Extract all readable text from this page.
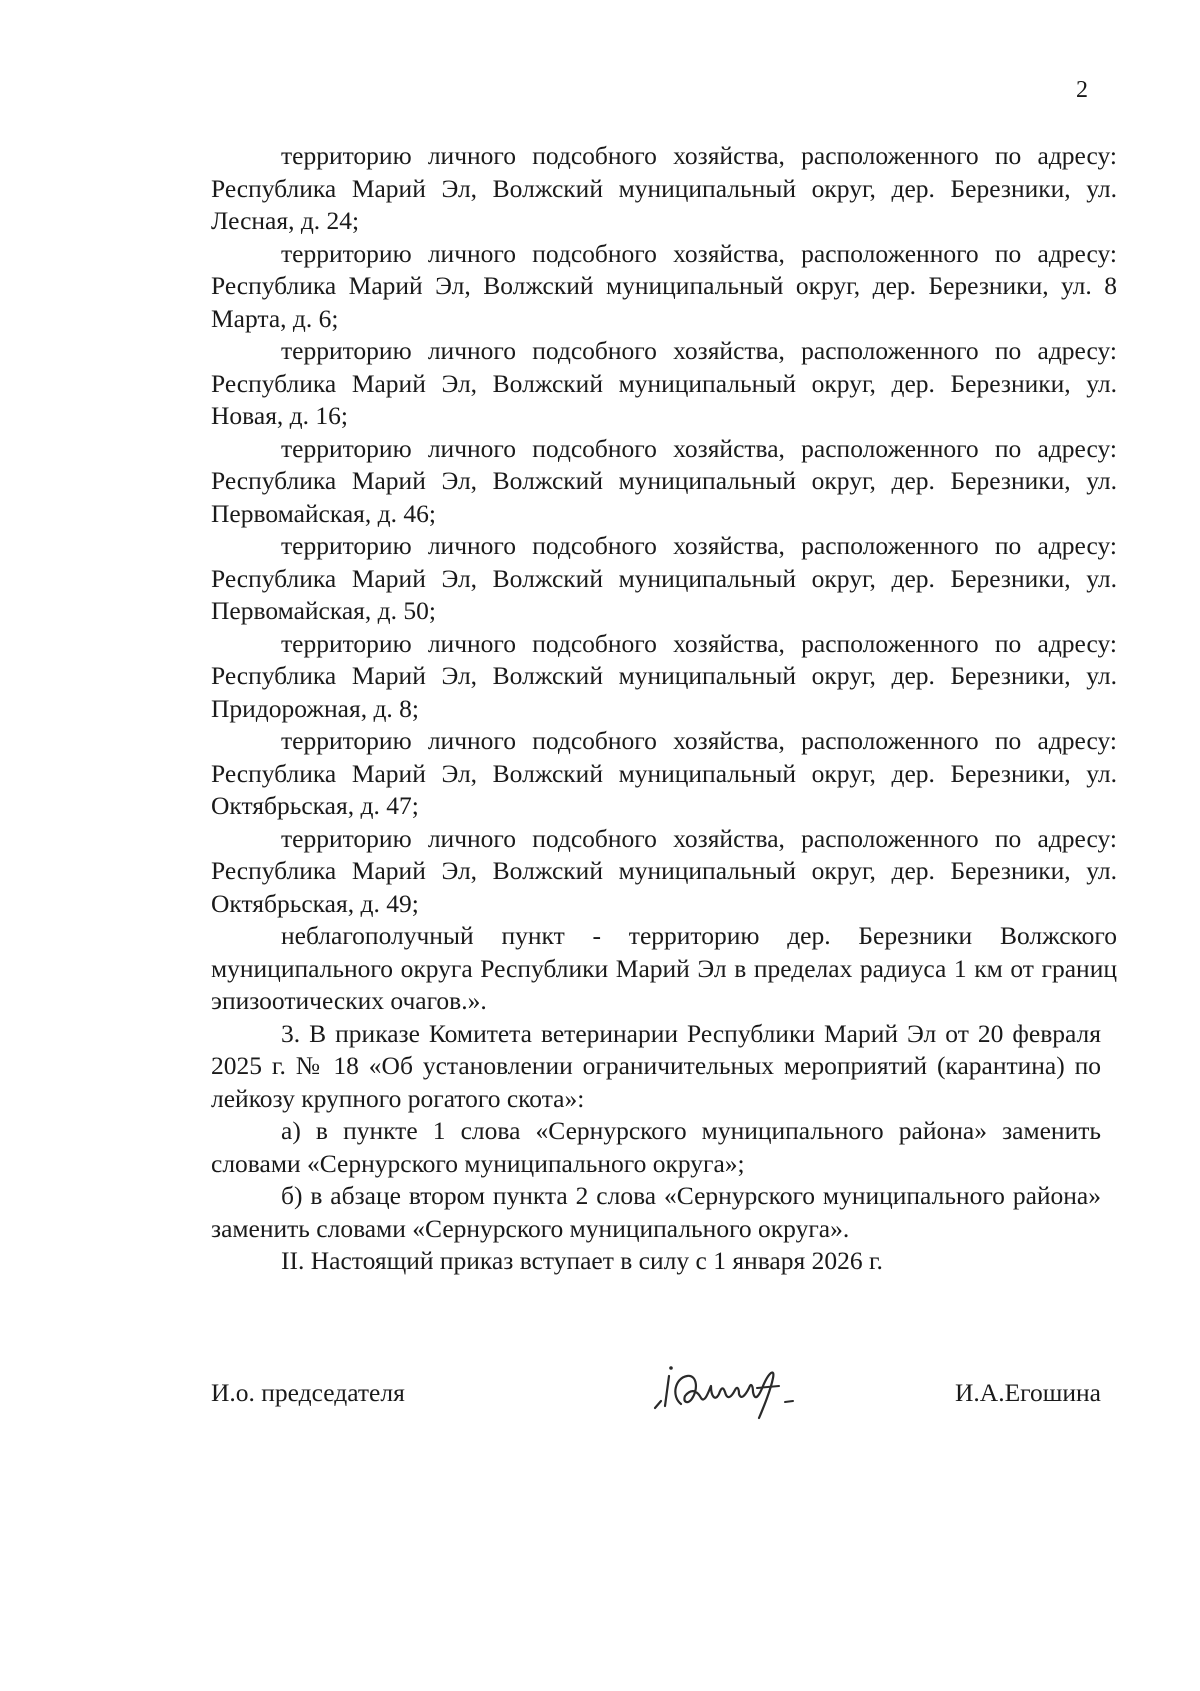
2

территорию личного подсобного хозяйства, расположенного по адресу: Республика Марий Эл, Волжский муниципальный округ, дер. Березники, ул. Лесная, д. 24;

территорию личного подсобного хозяйства, расположенного по адресу: Республика Марий Эл, Волжский муниципальный округ, дер. Березники, ул. 8 Марта, д. 6;

территорию личного подсобного хозяйства, расположенного по адресу: Республика Марий Эл, Волжский муниципальный округ, дер. Березники, ул. Новая, д. 16;

территорию личного подсобного хозяйства, расположенного по адресу: Республика Марий Эл, Волжский муниципальный округ, дер. Березники, ул. Первомайская, д. 46;

территорию личного подсобного хозяйства, расположенного по адресу: Республика Марий Эл, Волжский муниципальный округ, дер. Березники, ул. Первомайская, д. 50;

территорию личного подсобного хозяйства, расположенного по адресу: Республика Марий Эл, Волжский муниципальный округ, дер. Березники, ул. Придорожная, д. 8;

территорию личного подсобного хозяйства, расположенного по адресу: Республика Марий Эл, Волжский муниципальный округ, дер. Березники, ул. Октябрьская, д. 47;

территорию личного подсобного хозяйства, расположенного по адресу: Республика Марий Эл, Волжский муниципальный округ, дер. Березники, ул. Октябрьская, д. 49;

неблагополучный пункт - территорию дер. Березники Волжского муниципального округа Республики Марий Эл в пределах радиуса 1 км от границ эпизоотических очагов.».

3. В приказе Комитета ветеринарии Республики Марий Эл от 20 февраля 2025 г. № 18 «Об установлении ограничительных мероприятий (карантина) по лейкозу крупного рогатого скота»:

а) в пункте 1 слова «Сернурского муниципального района» заменить словами «Сернурского муниципального округа»;

б) в абзаце втором пункта 2 слова «Сернурского муниципального района» заменить словами «Сернурского муниципального округа».

II. Настоящий приказ вступает в силу с 1 января 2026 г.

И.о. председателя	И.А.Егошина
